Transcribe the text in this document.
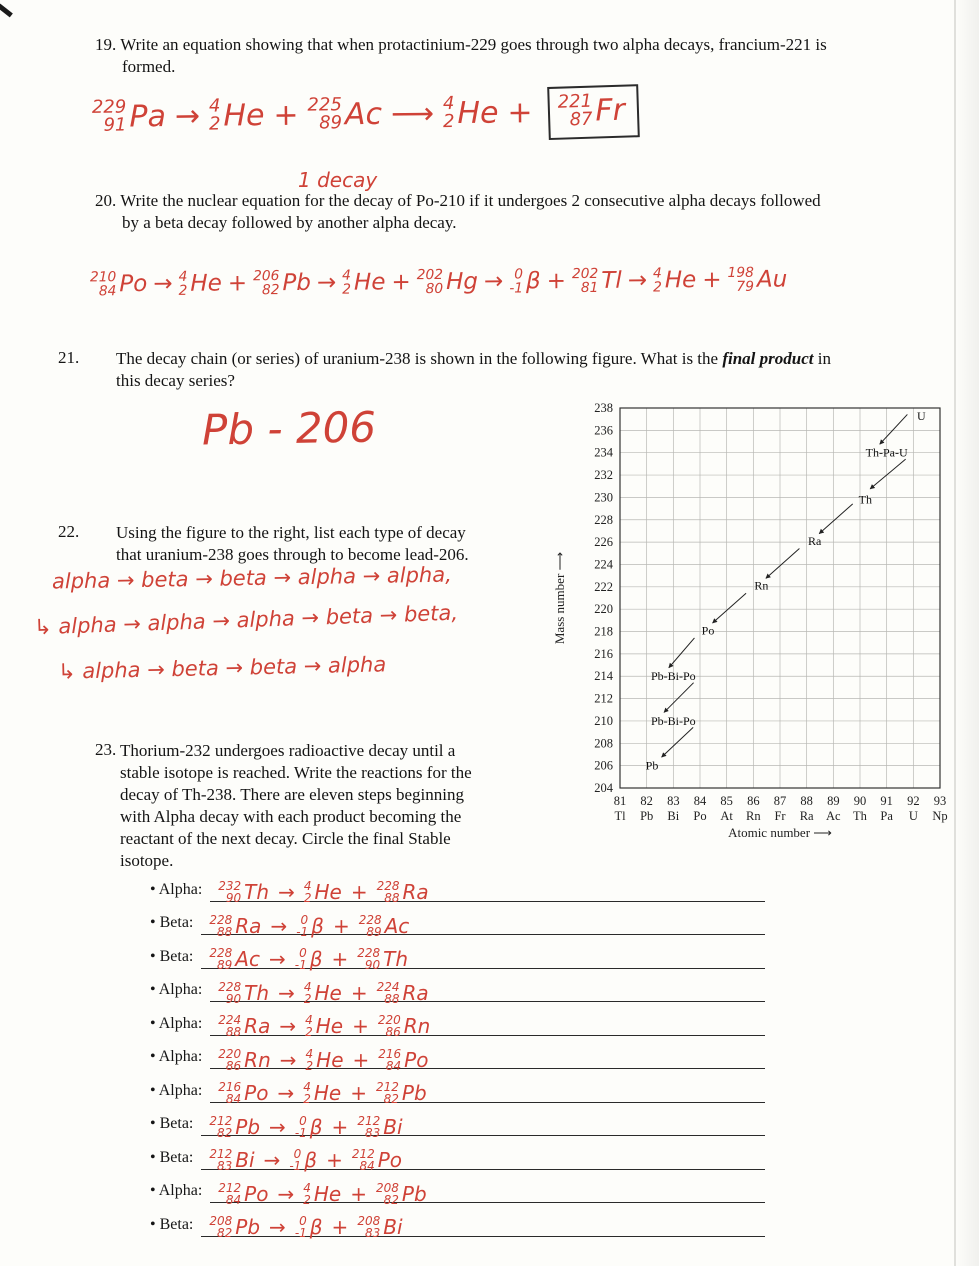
19. Write an equation showing that when protactinium-229 goes through two alpha decays, francium-221 is
formed.
229
91 Pa → 4
2 He + 225
89 Ac ⟶ 4
2 He + 221
87 Fr
1 decay
20. Write the nuclear equation for the decay of Po-210 if it undergoes 2 consecutive alpha decays followed
by a beta decay followed by another alpha decay.
210
84 Po → 4
2 He + 206
82 Pb → 4
2 He + 202
80 Hg → 0
-1 β + 202
81 Tl → 4
2 He + 198
79 Au
21. The decay chain (or series) of uranium-238 is shown in the following figure. What is the final product in
this decay series?
Pb - 206	238
236
234
232
230
228
226
224
222
220
218
216
214
212
210
208
206
204
81
Tl
82
Pb
83
Bi
84
Po
85
At
86
Rn
87
Fr
88
Ra
89
Ac
90
Th
91
Pa
92
U
93
Np
Atomic number ⟶
Mass number ⟶
U
Th-Pa-U
Th
Ra
Rn
Po
Pb-Bi-Po
Pb-Bi-Po
Pb
22. Using the figure to the right, list each type of decay
that uranium-238 goes through to become lead-206.
alpha → beta → beta → alpha → alpha,
↳ alpha → alpha → alpha → beta → beta,
↳ alpha → beta → beta → alpha
23. Thorium-232 undergoes radioactive decay until a
stable isotope is reached. Write the reactions for the
decay of Th-238. There are eleven steps beginning
with Alpha decay with each product becoming the
reactant of the next decay. Circle the final Stable
isotope.
• Alpha: 232
90 Th → 4
2 He + 228
88 Ra
• Beta: 228
88 Ra → 0
-1 β + 228
89 Ac
• Beta: 228
89 Ac → 0
-1 β + 228
90 Th
• Alpha: 228
90 Th → 4
2 He + 224
88 Ra
• Alpha: 224
88 Ra → 4
2 He + 220
86 Rn
• Alpha: 220
86 Rn → 4
2 He + 216
84 Po
• Alpha: 216
84 Po → 4
2 He + 212
82 Pb
• Beta: 212
82 Pb → 0
-1 β + 212
83 Bi
• Beta: 212
83 Bi → 0
-1 β + 212
84 Po
• Alpha: 212
84 Po → 4
2 He + 208
82 Pb
• Beta: 208
82 Pb → 0
-1 β + 208
83 Bi
